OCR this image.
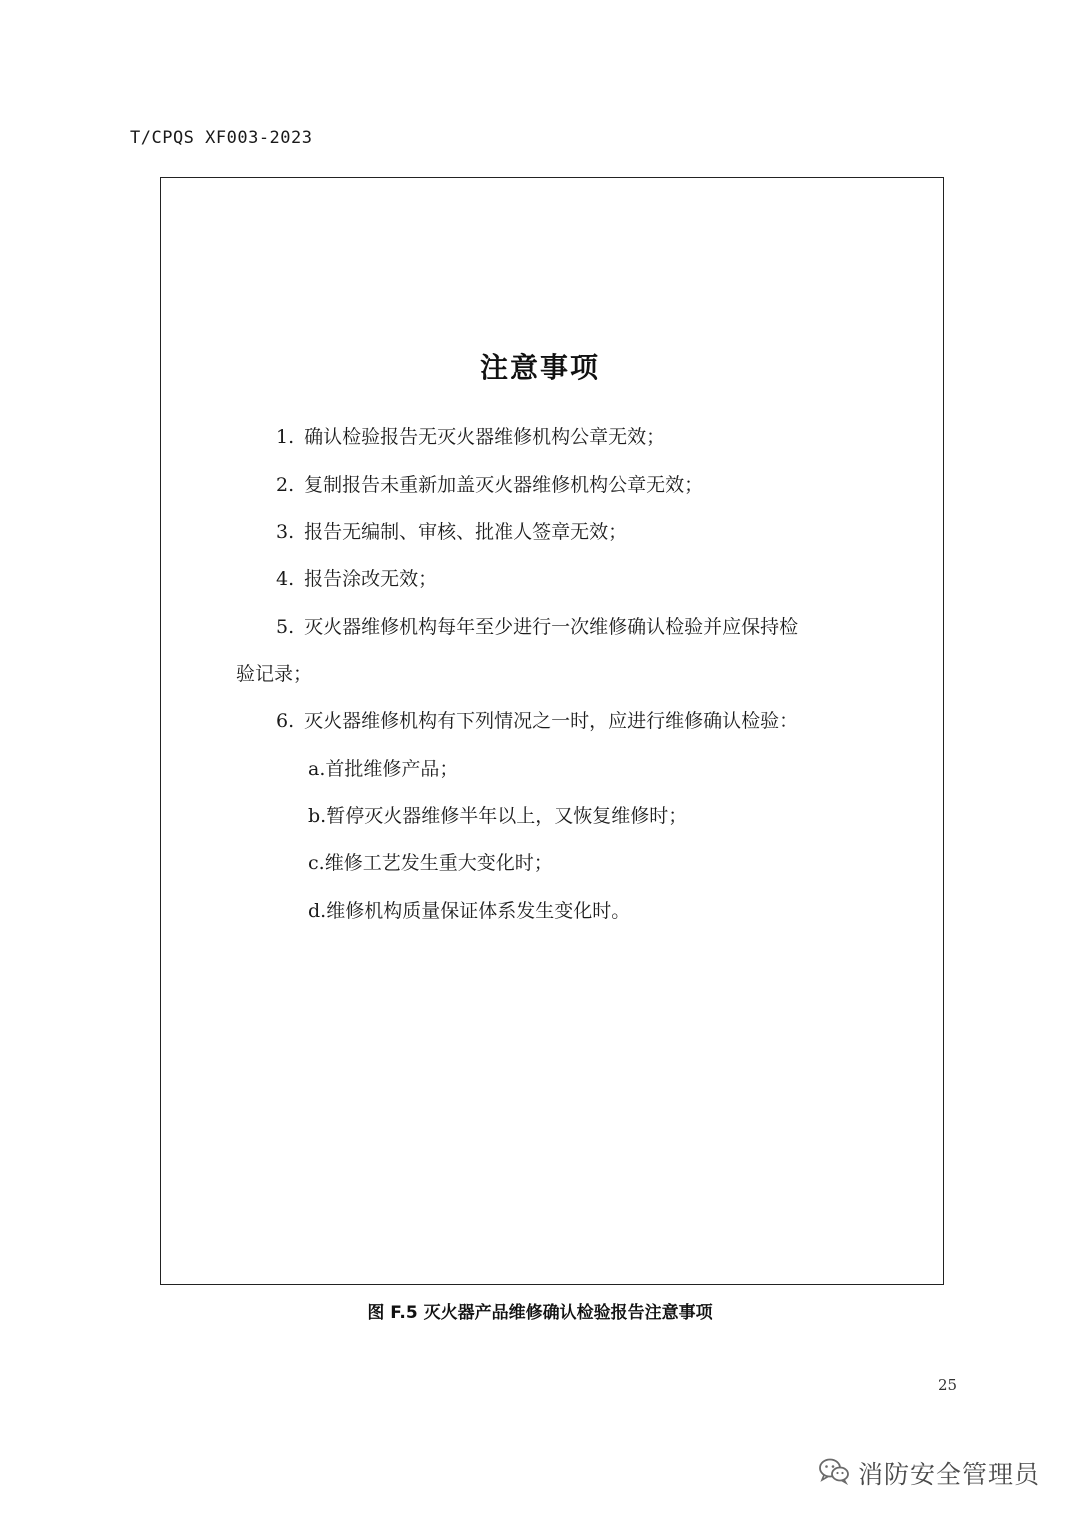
T/CPQS XF003-2023
注意事项
1. 确认检验报告无灭火器维修机构公章无效；
2. 复制报告未重新加盖灭火器维修机构公章无效；
3. 报告无编制、审核、批准人签章无效；
4. 报告涂改无效；
5. 灭火器维修机构每年至少进行一次维修确认检验并应保持检
验记录；
6. 灭火器维修机构有下列情况之一时，应进行维修确认检验：
a.首批维修产品；
b.暂停灭火器维修半年以上，又恢复维修时；
c.维修工艺发生重大变化时；
d.维修机构质量保证体系发生变化时。
图 F.5 灭火器产品维修确认检验报告注意事项
25
消防安全管理员
